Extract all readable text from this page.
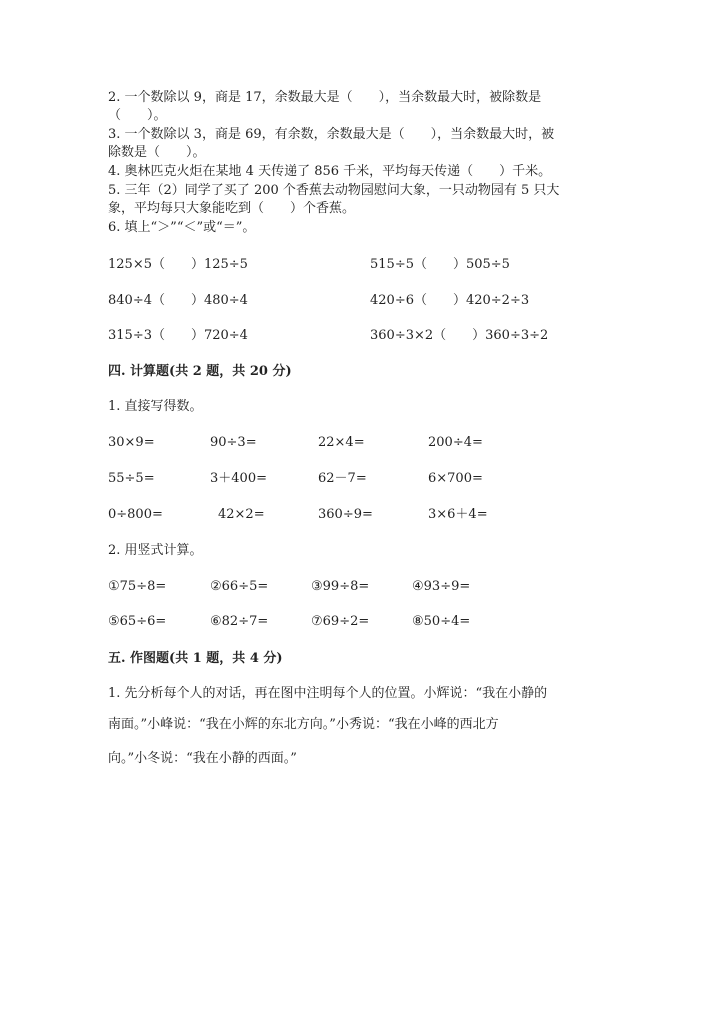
2. 一个数除以 9，商是 17，余数最大是（　　），当余数最大时，被除数是
（　　）。
3. 一个数除以 3，商是 69，有余数，余数最大是（　　），当余数最大时，被
除数是（　　）。
4. 奥林匹克火炬在某地 4 天传递了 856 千米，平均每天传递（　　）千米。
5. 三年（2）同学了买了 200 个香蕉去动物园慰问大象，一只动物园有 5 只大
象，平均每只大象能吃到（　　）个香蕉。
6. 填上“＞”“＜”或“＝”。
125×5（　　）125÷5	515÷5（　　）505÷5
840÷4（　　）480÷4	420÷6（　　）420÷2÷3
315÷3（　　）720÷4	360÷3×2（　　）360÷3÷2
四. 计算题(共 2 题，共 20 分)
1. 直接写得数。
30×9=	90÷3=	22×4=	200÷4=
55÷5=	3＋400=	62－7=	6×700=
0÷800=	42×2=	360÷9=	3×6＋4=
2. 用竖式计算。
①75÷8=	②66÷5=	③99÷8=	④93÷9=
⑤65÷6=	⑥82÷7=	⑦69÷2=	⑧50÷4=
五. 作图题(共 1 题，共 4 分)
1. 先分析每个人的对话，再在图中注明每个人的位置。小辉说：“我在小静的
南面。”小峰说：“我在小辉的东北方向。”小秀说：“我在小峰的西北方
向。”小冬说：“我在小静的西面。”
